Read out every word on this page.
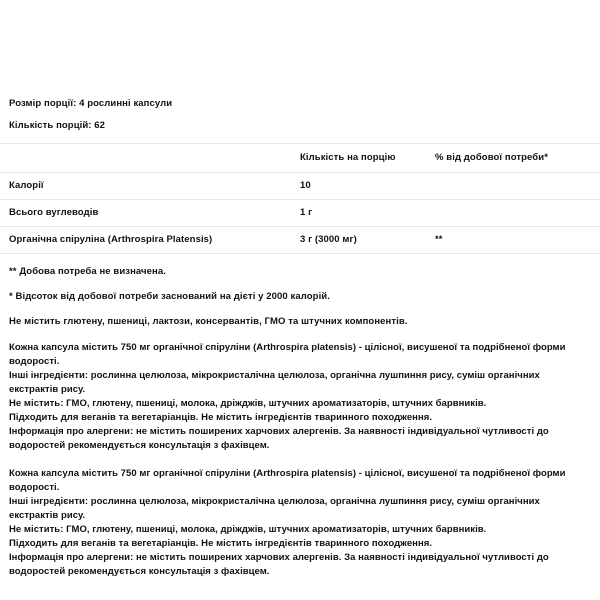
Розмір порції: 4 рослинні капсули

Кількість порцій: 62

	Кількість на порцію	% від добової потреби*
Калорії	10	
Всього вуглеводів	1 г	
Органічна спіруліна (Arthrospira Platensis)	3 г (3000 мг)	**

** Добова потреба не визначена.

* Відсоток від добової потреби заснований на дієті у 2000 калорій.

Не містить глютену, пшениці, лактози, консервантів, ГМО та штучних компонентів.

Кожна капсула містить 750 мг органічної спіруліни (Arthrospira platensis) - цілісної, висушеної та подрібненої форми водорості.

Інші інгредієнти: рослинна целюлоза, мікрокристалічна целюлоза, органічна лушпиння рису, суміш органічних екстрактів рису.

Не містить: ГМО, глютену, пшениці, молока, дріжджів, штучних ароматизаторів, штучних барвників.

Підходить для веганів та вегетаріанців. Не містить інгредієнтів тваринного походження.

Інформація про алергени: не містить поширених харчових алергенів. За наявності індивідуальної чутливості до водоростей рекомендується консультація з фахівцем.

Кожна капсула містить 750 мг органічної спіруліни (Arthrospira platensis) - цілісної, висушеної та подрібненої форми водорості.

Інші інгредієнти: рослинна целюлоза, мікрокристалічна целюлоза, органічна лушпиння рису, суміш органічних екстрактів рису.

Не містить: ГМО, глютену, пшениці, молока, дріжджів, штучних ароматизаторів, штучних барвників.

Підходить для веганів та вегетаріанців. Не містить інгредієнтів тваринного походження.

Інформація про алергени: не містить поширених харчових алергенів. За наявності індивідуальної чутливості до водоростей рекомендується консультація з фахівцем.
